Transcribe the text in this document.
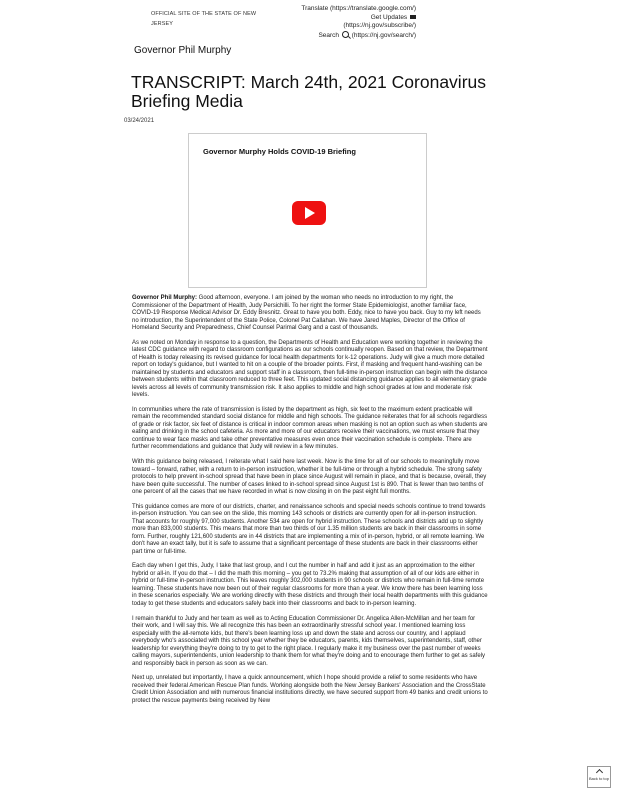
OFFICIAL SITE OF THE STATE OF NEW JERSEY
Translate (https://translate.google.com/)
Get Updates
(https://nj.gov/subscribe/)
Search (https://nj.gov/search/)
Governor Phil Murphy
TRANSCRIPT: March 24th, 2021 Coronavirus Briefing Media
03/24/2021
Governor Murphy Holds COVID-19 Briefing

Governor Phil Murphy: Good afternoon, everyone. I am joined by the woman who needs no introduction to my right, the Commissioner of the Department of Health, Judy Persichilli. To her right the former State Epidemiologist, another familiar face, COVID-19 Response Medical Advisor Dr. Eddy Bresnitz. Great to have you both. Eddy, nice to have you back. Guy to my left needs no introduction, the Superintendent of the State Police, Colonel Pat Callahan. We have Jared Maples, Director of the Office of Homeland Security and Preparedness, Chief Counsel Parimal Garg and a cast of thousands.

As we noted on Monday in response to a question, the Departments of Health and Education were working together in reviewing the latest CDC guidance with regard to classroom configurations as our schools continually reopen. Based on that review, the Department of Health is today releasing its revised guidance for local health departments for k-12 operations. Judy will give a much more detailed report on today's guidance, but I wanted to hit on a couple of the broader points. First, if masking and frequent hand-washing can be maintained by students and educators and support staff in a classroom, then full-time in-person instruction can begin with the distance between students within that classroom reduced to three feet. This updated social distancing guidance applies to all elementary grade levels across all levels of community transmission risk. It also applies to middle and high school grades at low and moderate risk levels.

In communities where the rate of transmission is listed by the department as high, six feet to the maximum extent practicable will remain the recommended standard social distance for middle and high schools. The guidance reiterates that for all schools regardless of grade or risk factor, six feet of distance is critical in indoor common areas when masking is not an option such as when students are eating and drinking in the school cafeteria. As more and more of our educators receive their vaccinations, we must ensure that they continue to wear face masks and take other preventative measures even once their vaccination schedule is complete. There are further recommendations and guidance that Judy will review in a few minutes.

With this guidance being released, I reiterate what I said here last week. Now is the time for all of our schools to meaningfully move toward – forward, rather, with a return to in-person instruction, whether it be full-time or through a hybrid schedule. The strong safety protocols to help prevent in-school spread that have been in place since August will remain in place, and that is because, overall, they have been quite successful. The number of cases linked to in-school spread since August 1st is 890. That is fewer than two tenths of one percent of all the cases that we have recorded in what is now closing in on the past eight full months.

This guidance comes are more of our districts, charter, and renaissance schools and special needs schools continue to trend towards in-person instruction. You can see on the slide, this morning 143 schools or districts are currently open for all in-person instruction. That accounts for roughly 97,000 students. Another 534 are open for hybrid instruction. These schools and districts add up to slightly more than 833,000 students. This means that more than two thirds of our 1.35 million students are back in their classrooms in some form. Further, roughly 121,600 students are in 44 districts that are implementing a mix of in-person, hybrid, or all remote learning. We don't have an exact tally, but it is safe to assume that a significant percentage of these students are back in their classrooms either part time or full-time.

Each day when I get this, Judy, I take that last group, and I cut the number in half and add it just as an approximation to the either hybrid or all-in. If you do that – I did the math this morning – you get to 73.2% making that assumption of all of our kids are either in hybrid or full-time in-person instruction. This leaves roughly 302,000 students in 90 schools or districts who remain in full-time remote learning. These students have now been out of their regular classrooms for more than a year. We know there has been learning loss in these scenarios especially. We are working directly with these districts and through their local health departments with this guidance today to get these students and educators safely back into their classrooms and back to in-person learning.

I remain thankful to Judy and her team as well as to Acting Education Commissioner Dr. Angelica Allen-McMillan and her team for their work, and I will say this. We all recognize this has been an extraordinarily stressful school year. I mentioned learning loss especially with the all-remote kids, but there's been learning loss up and down the state and across our country, and I applaud everybody who's associated with this school year whether they be educators, parents, kids themselves, superintendents, staff, other leadership for everything they're doing to try to get to the right place. I regularly make it my business over the past number of weeks calling mayors, superintendents, union leadership to thank them for what they're doing and to encourage them further to get as safely and responsibly back in person as soon as we can.

Next up, unrelated but importantly, I have a quick announcement, which I hope should provide a relief to some residents who have received their federal American Rescue Plan funds. Working alongside both the New Jersey Bankers' Association and the CrossState Credit Union Association and with numerous financial institutions directly, we have secured support from 49 banks and credit unions to protect the rescue payments being received by New

Back to top
